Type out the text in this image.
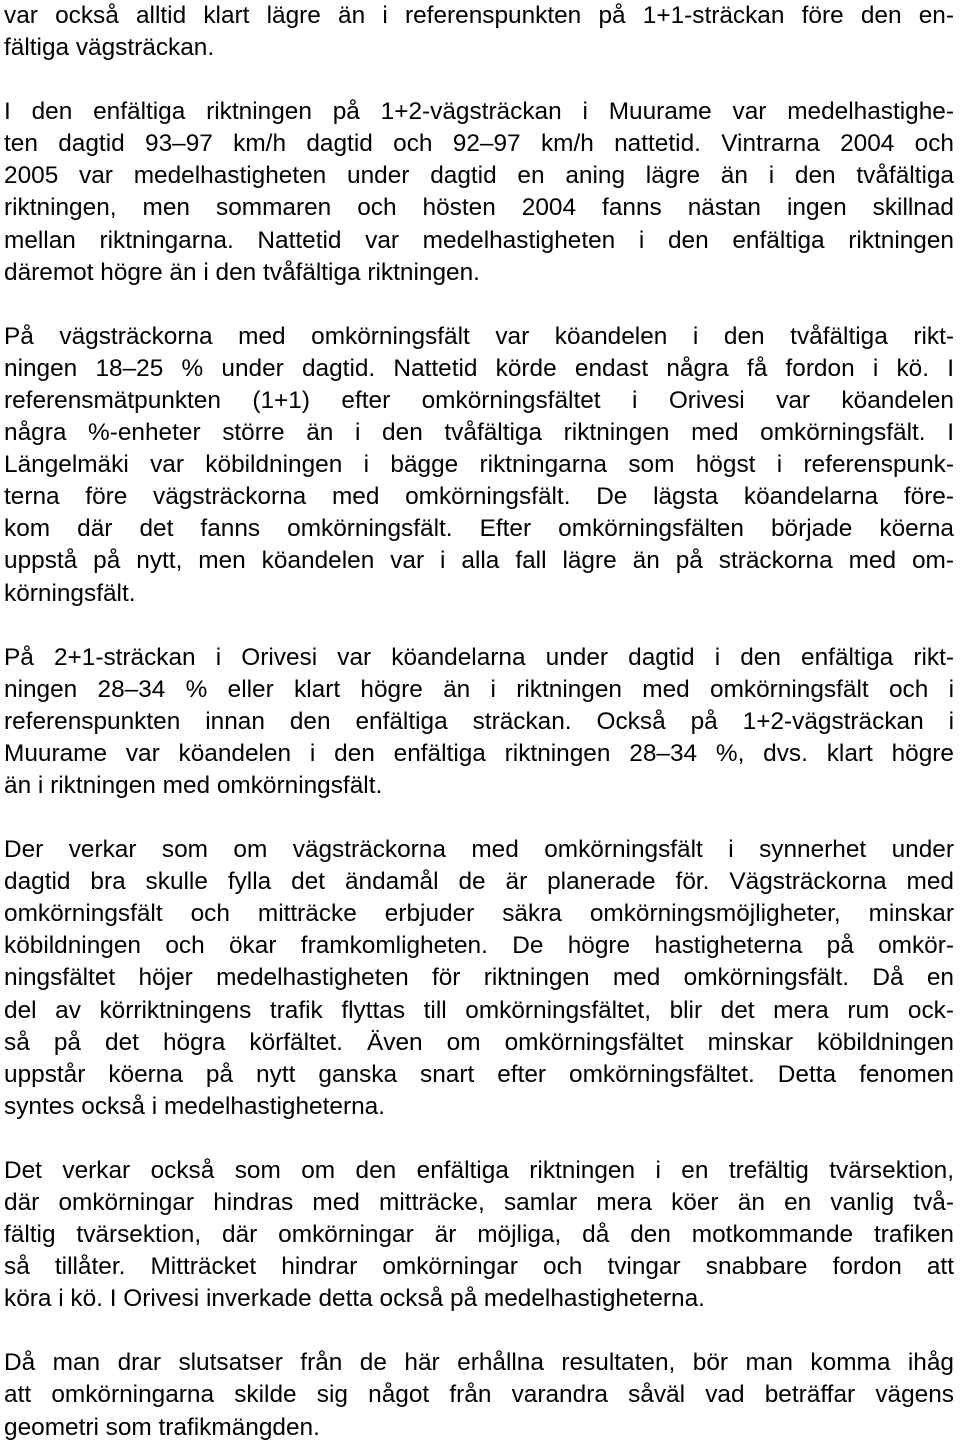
var också alltid klart lägre än i referenspunkten på 1+1-sträckan före den en-
fältiga vägsträckan.

I den enfältiga riktningen på 1+2-vägsträckan i Muurame var medelhastighe-
ten dagtid 93–97 km/h dagtid och 92–97 km/h nattetid. Vintrarna 2004 och
2005 var medelhastigheten under dagtid en aning lägre än i den tvåfältiga
riktningen, men sommaren och hösten 2004 fanns nästan ingen skillnad
mellan riktningarna. Nattetid var medelhastigheten i den enfältiga riktningen
däremot högre än i den tvåfältiga riktningen.

På vägsträckorna med omkörningsfält var köandelen i den tvåfältiga rikt-
ningen 18–25 % under dagtid. Nattetid körde endast några få fordon i kö. I
referensmätpunkten (1+1) efter omkörningsfältet i Orivesi var köandelen
några %-enheter större än i den tvåfältiga riktningen med omkörningsfält. I
Längelmäki var köbildningen i bägge riktningarna som högst i referenspunk-
terna före vägsträckorna med omkörningsfält. De lägsta köandelarna före-
kom där det fanns omkörningsfält. Efter omkörningsfälten började köerna
uppstå på nytt, men köandelen var i alla fall lägre än på sträckorna med om-
körningsfält.

På 2+1-sträckan i Orivesi var köandelarna under dagtid i den enfältiga rikt-
ningen 28–34 % eller klart högre än i riktningen med omkörningsfält och i
referenspunkten innan den enfältiga sträckan. Också på 1+2-vägsträckan i
Muurame var köandelen i den enfältiga riktningen 28–34 %, dvs. klart högre
än i riktningen med omkörningsfält.

Der verkar som om vägsträckorna med omkörningsfält i synnerhet under
dagtid bra skulle fylla det ändamål de är planerade för. Vägsträckorna med
omkörningsfält och mitträcke erbjuder säkra omkörningsmöjligheter, minskar
köbildningen och ökar framkomligheten. De högre hastigheterna på omkör-
ningsfältet höjer medelhastigheten för riktningen med omkörningsfält. Då en
del av körriktningens trafik flyttas till omkörningsfältet, blir det mera rum ock-
så på det högra körfältet. Även om omkörningsfältet minskar köbildningen
uppstår köerna på nytt ganska snart efter omkörningsfältet. Detta fenomen
syntes också i medelhastigheterna.

Det verkar också som om den enfältiga riktningen i en trefältig tvärsektion,
där omkörningar hindras med mitträcke, samlar mera köer än en vanlig två-
fältig tvärsektion, där omkörningar är möjliga, då den motkommande trafiken
så tillåter. Mitträcket hindrar omkörningar och tvingar snabbare fordon att
köra i kö. I Orivesi inverkade detta också på medelhastigheterna.

Då man drar slutsatser från de här erhållna resultaten, bör man komma ihåg
att omkörningarna skilde sig något från varandra såväl vad beträffar vägens
geometri som trafikmängden.
